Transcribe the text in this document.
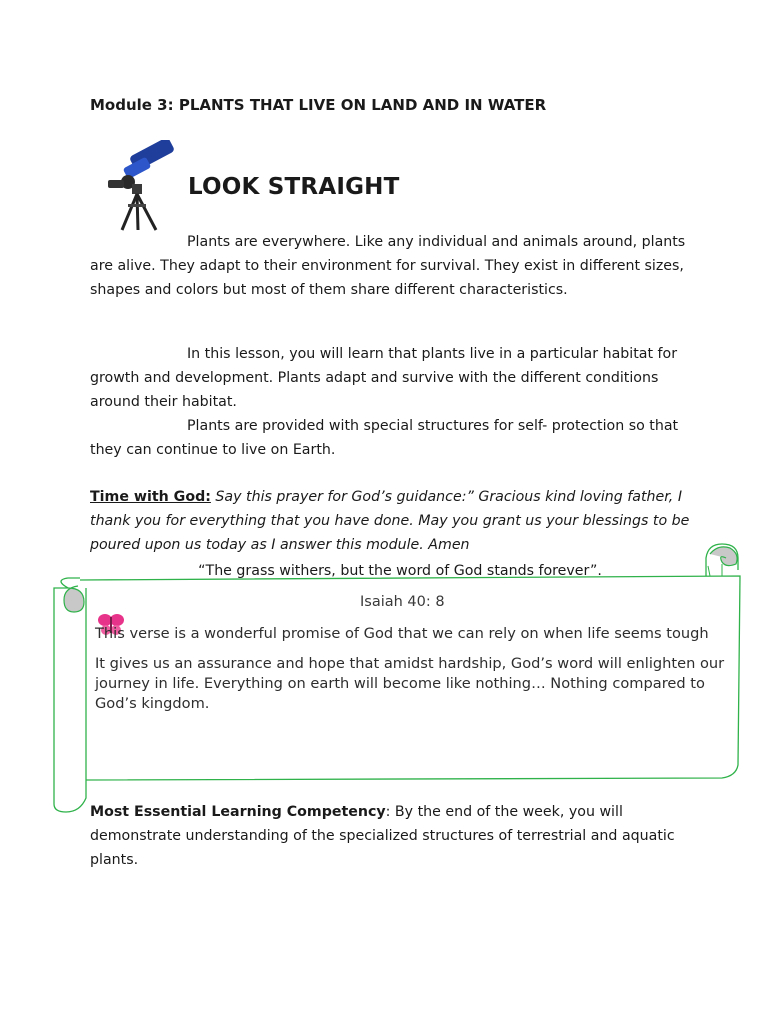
Module 3: PLANTS THAT LIVE ON LAND AND IN WATER
LOOK STRAIGHT
Plants are everywhere. Like any individual and animals around, plants are alive. They adapt to their environment for survival. They exist in different sizes, shapes and colors but most of them share different characteristics.
In this lesson, you will learn that plants live in a particular habitat for growth and development. Plants adapt and survive with the different conditions around their habitat.
Plants are provided with special structures for self- protection so that they can continue to live on Earth.
Time with God: Say this prayer for God’s guidance:” Gracious kind loving father, I thank you for everything that you have done. May you grant us your blessings to be poured upon us today as I answer this module. Amen
“The grass withers, but the word of God stands forever”.
Isaiah 40: 8
This verse is a wonderful promise of God that we can rely on when life seems tough
It gives us an assurance and hope that amidst hardship, God’s word will enlighten our journey in life. Everything on earth will become like nothing… Nothing compared to God’s kingdom.
Most Essential Learning Competency: By the end of the week, you will demonstrate understanding of the specialized structures of terrestrial and aquatic plants.
